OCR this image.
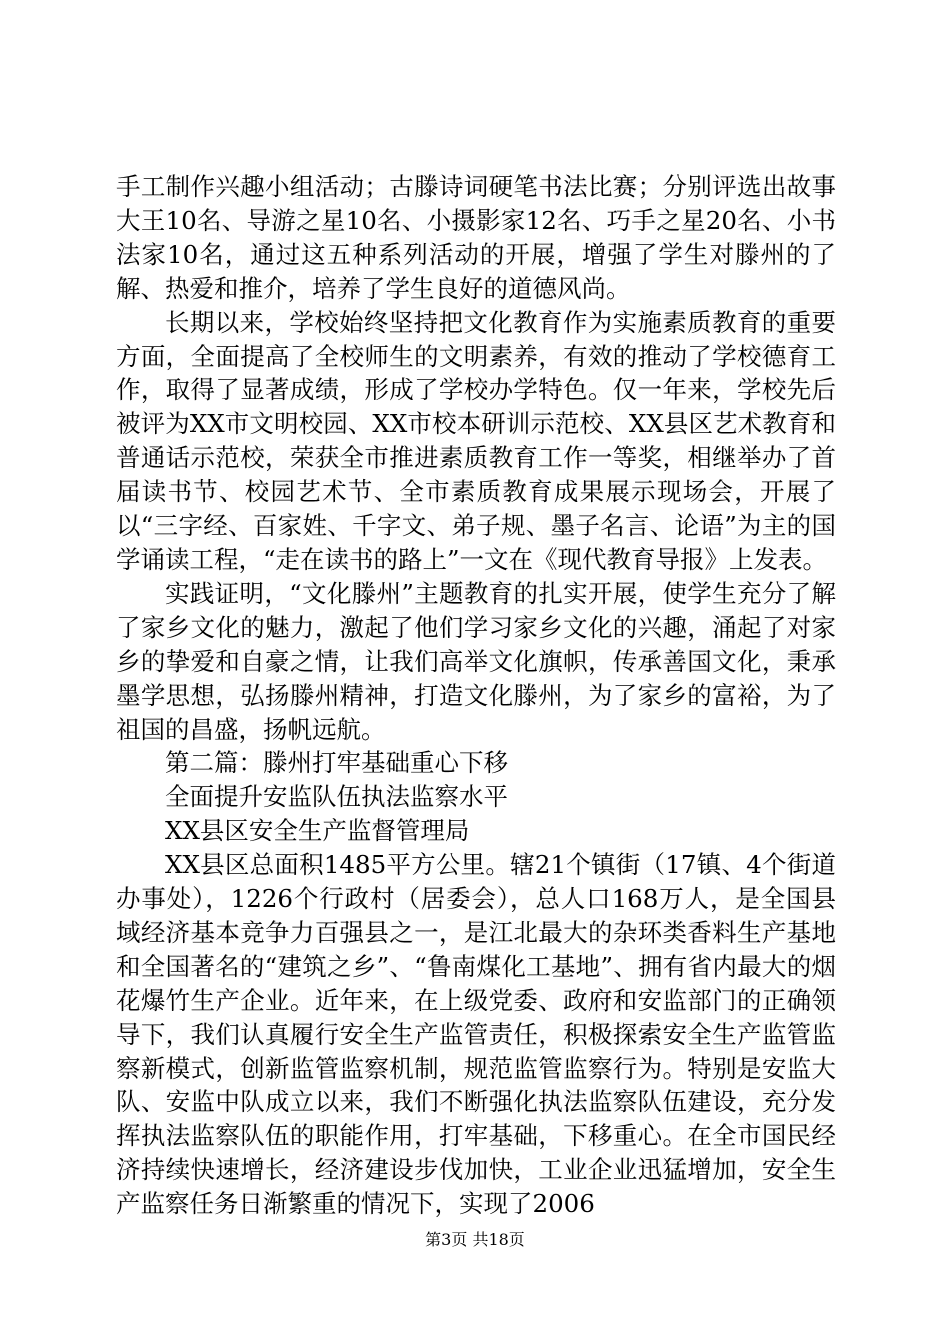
手工制作兴趣小组活动；古滕诗词硬笔书法比赛；分别评选出故事大王10名、导游之星10名、小摄影家12名、巧手之星20名、小书法家10名，通过这五种系列活动的开展，增强了学生对滕州的了解、热爱和推介，培养了学生良好的道德风尚。

长期以来，学校始终坚持把文化教育作为实施素质教育的重要方面，全面提高了全校师生的文明素养，有效的推动了学校德育工作，取得了显著成绩，形成了学校办学特色。仅一年来，学校先后被评为XX市文明校园、XX市校本研训示范校、XX县区艺术教育和普通话示范校，荣获全市推进素质教育工作一等奖，相继举办了首届读书节、校园艺术节、全市素质教育成果展示现场会，开展了以“三字经、百家姓、千字文、弟子规、墨子名言、论语”为主的国学诵读工程，“走在读书的路上”一文在《现代教育导报》上发表。

实践证明，“文化滕州”主题教育的扎实开展，使学生充分了解了家乡文化的魅力，激起了他们学习家乡文化的兴趣，涌起了对家乡的挚爱和自豪之情，让我们高举文化旗帜，传承善国文化，秉承墨学思想，弘扬滕州精神，打造文化滕州，为了家乡的富裕，为了祖国的昌盛，扬帆远航。

第二篇：滕州打牢基础重心下移

全面提升安监队伍执法监察水平

XX县区安全生产监督管理局

XX县区总面积1485平方公里。辖21个镇街（17镇、4个街道办事处），1226个行政村（居委会），总人口168万人，是全国县域经济基本竞争力百强县之一，是江北最大的杂环类香料生产基地和全国著名的“建筑之乡”、“鲁南煤化工基地”、拥有省内最大的烟花爆竹生产企业。近年来，在上级党委、政府和安监部门的正确领导下，我们认真履行安全生产监管责任，积极探索安全生产监管监察新模式，创新监管监察机制，规范监管监察行为。特别是安监大队、安监中队成立以来，我们不断强化执法监察队伍建设，充分发挥执法监察队伍的职能作用，打牢基础，下移重心。在全市国民经济持续快速增长，经济建设步伐加快，工业企业迅猛增加，安全生产监察任务日渐繁重的情况下，实现了2006

第3页 共18页
